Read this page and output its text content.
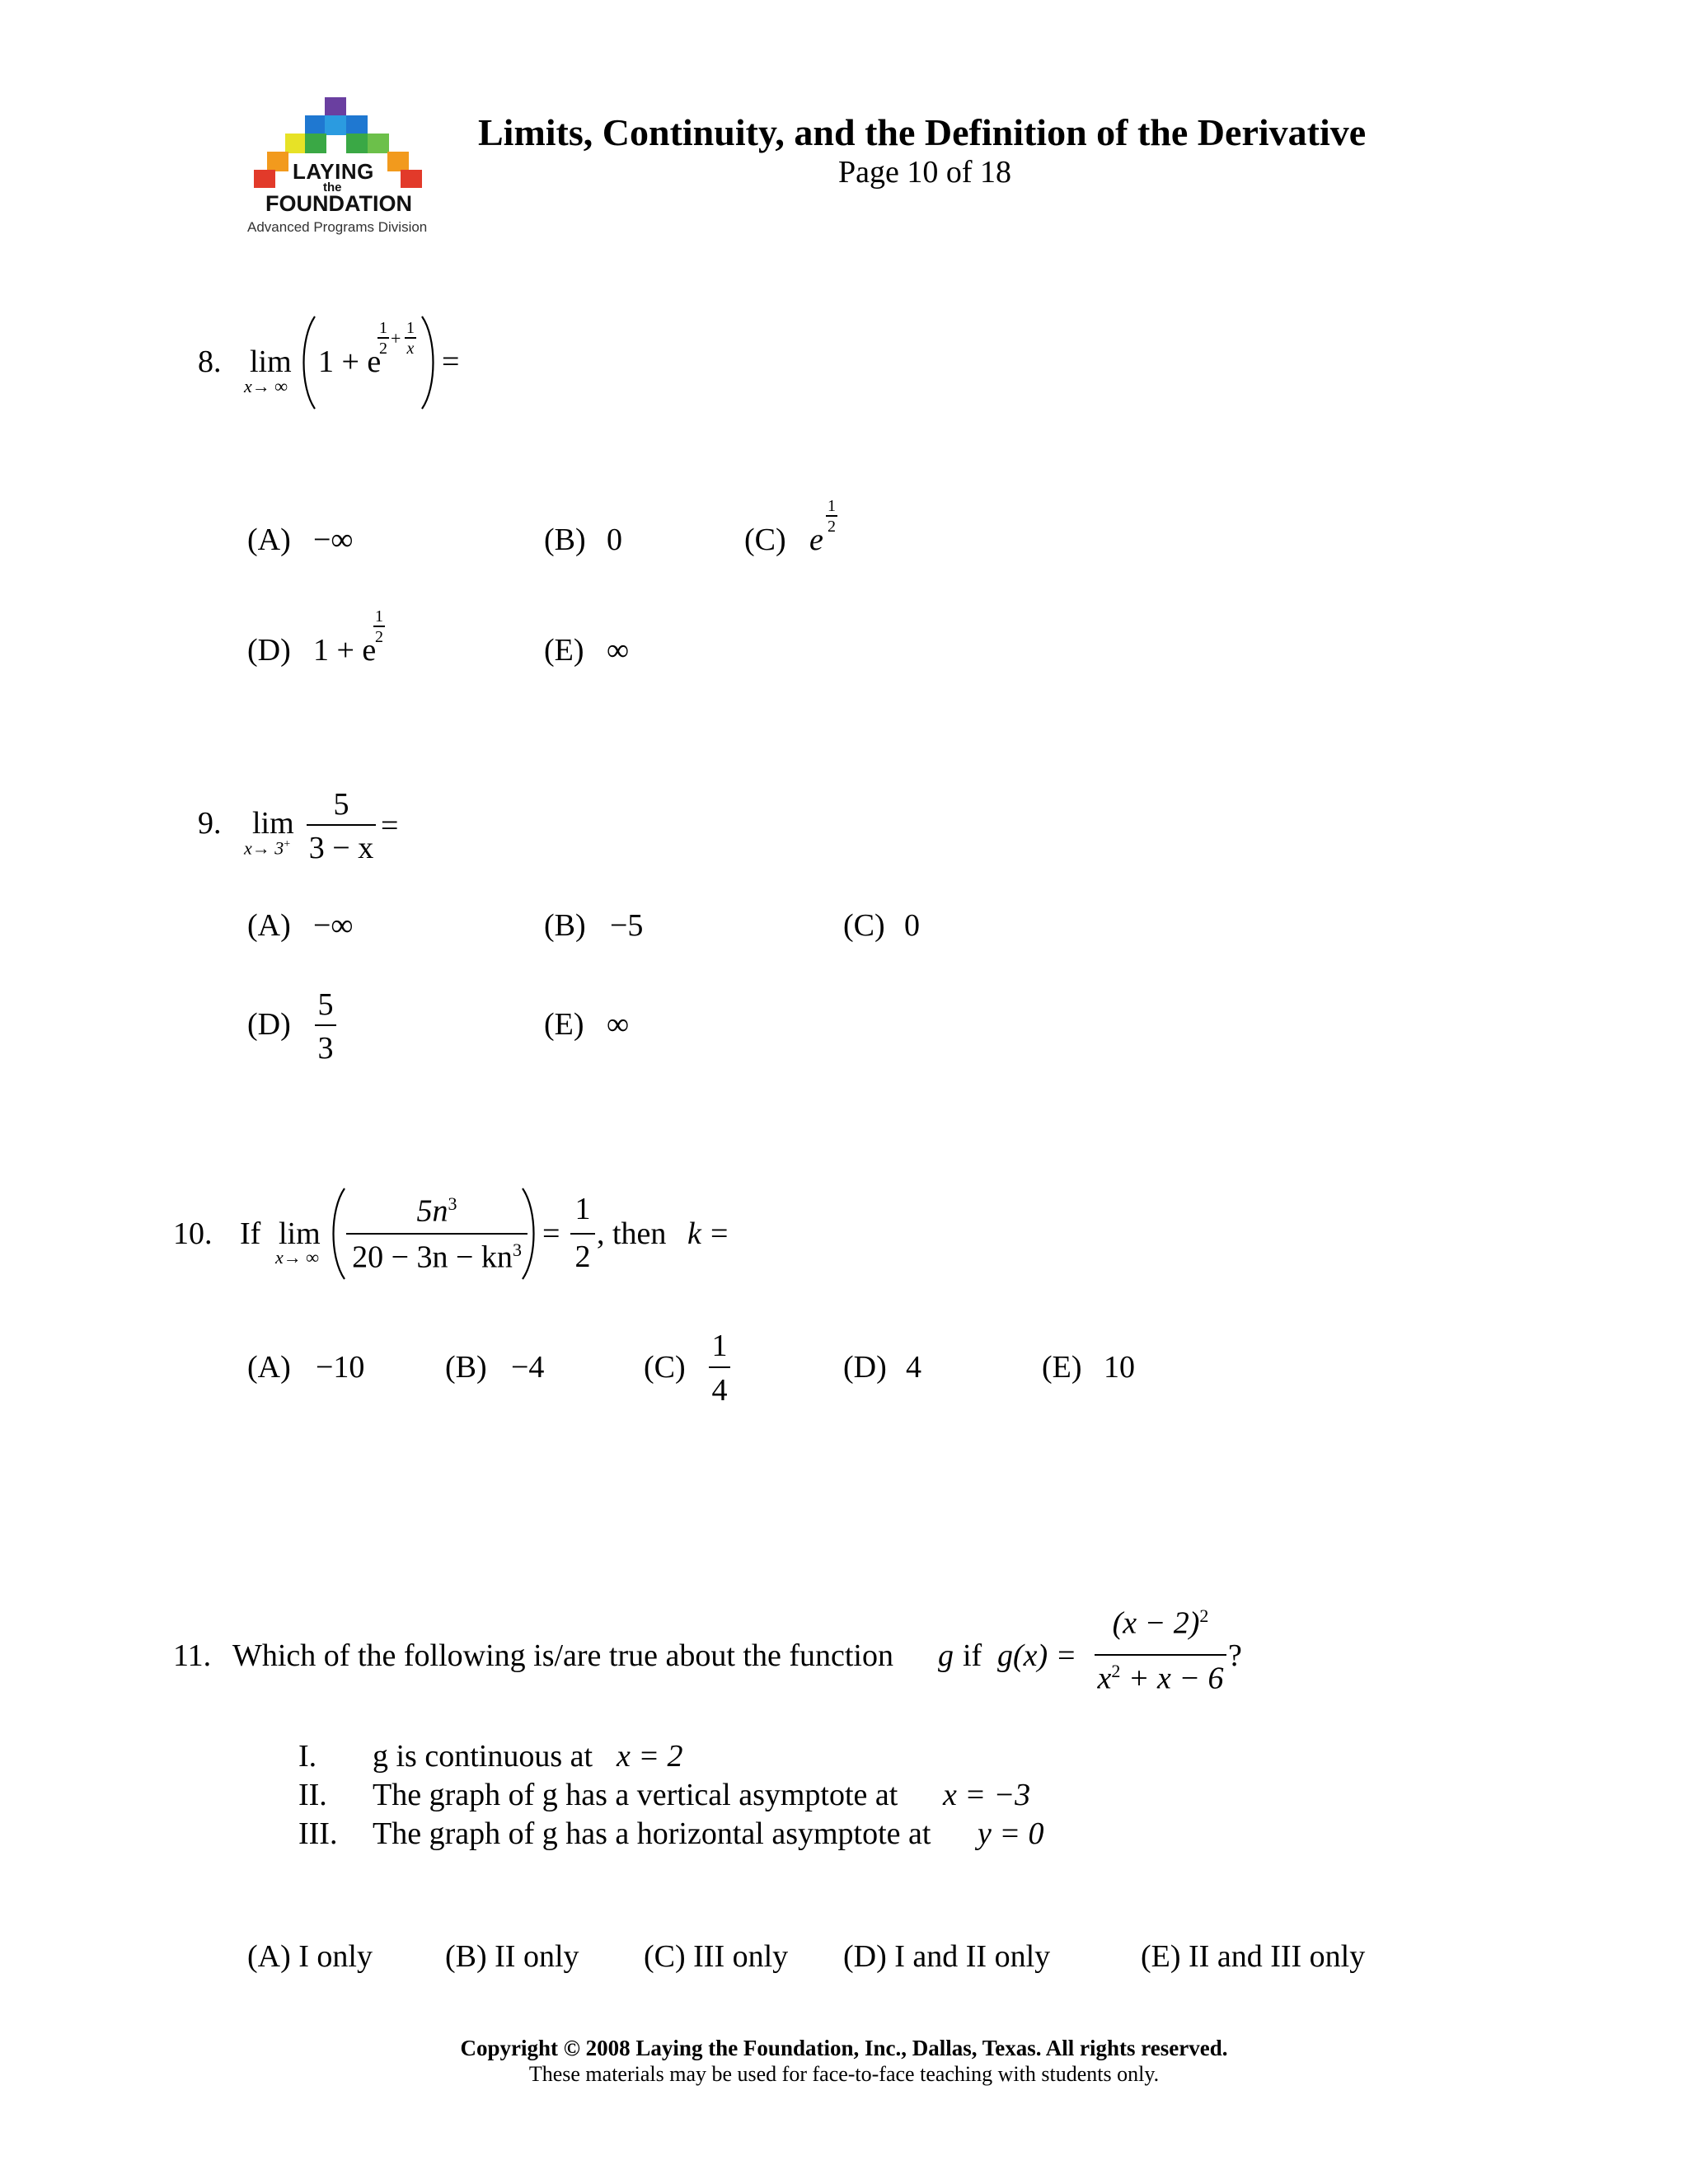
Limits, Continuity, and the Definition of the Derivative
Page 10 of 18
LAYING
the
FOUNDATION
Advanced Programs Division
8. lim
x→ ∞
1 + e
1
2 + 1
x =
(A) −∞	(B) 0	(C) e
1
2
(D) 1 + e
1
2	(E) ∞
9. lim
x→ 3+
5
3 − x
=
(A) −∞	(B) −5	(C) 0
(D)
5
3
(E) ∞
10. If lim
x→ ∞
$5n^3$
$20 - 3n - kn^3$ =
1
2
, then k =
(A) −10	(B) −4	(C)
1
4
(D) 4	(E) 10
11. Which of the following is/are true about the function g if g(x) =
$(x - 2)^2$
$x^2 + x - 6$
?
I. g is continuous at x = 2
II. The graph of g has a vertical asymptote at x = −3
III. The graph of g has a horizontal asymptote at y = 0
(A) I only (B) II only (C) III only (D) I and II only	(E) II and III only
Copyright © 2008 Laying the Foundation, Inc., Dallas, Texas. All rights reserved.
These materials may be used for face-to-face teaching with students only.
